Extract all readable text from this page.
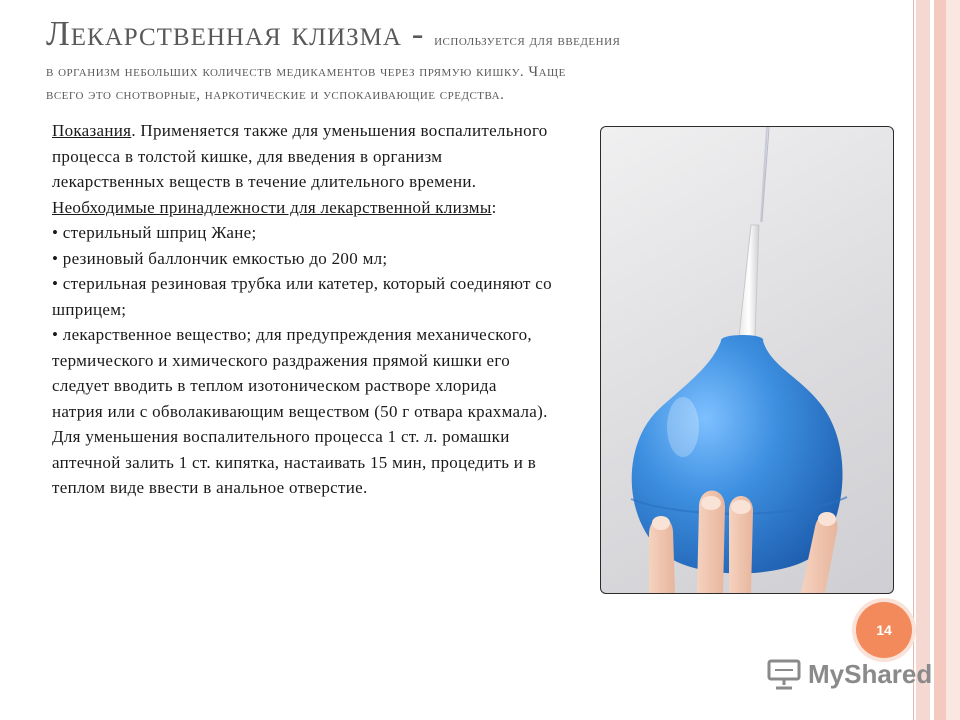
Лекарственная клизма - используется для введения
в организм небольших количеств медикаментов через прямую кишку. Чаще
всего это снотворные, наркотические и успокаивающие средства.

Показания. Применяется также для уменьшения воспалительного процесса в толстой кишке, для введения в организм лекарственных веществ в течение длительного времени.

Необходимые принадлежности для лекарственной клизмы:

• стерильный шприц Жане;

• резиновый баллончик емкостью до 200 мл;

• стерильная резиновая трубка или катетер, который соединяют со шприцем;

• лекарственное вещество; для предупреждения механического, термического и химического раздражения прямой кишки его следует вводить в теплом изотоническом растворе хлорида натрия или с обволакивающим веществом (50 г отвара крахмала). Для уменьшения воспалительного процесса 1 ст. л. ромашки аптечной залить 1 ст. кипятка, настаивать 15 мин, процедить и в теплом виде ввести в анальное отверстие.

14
MyShared
